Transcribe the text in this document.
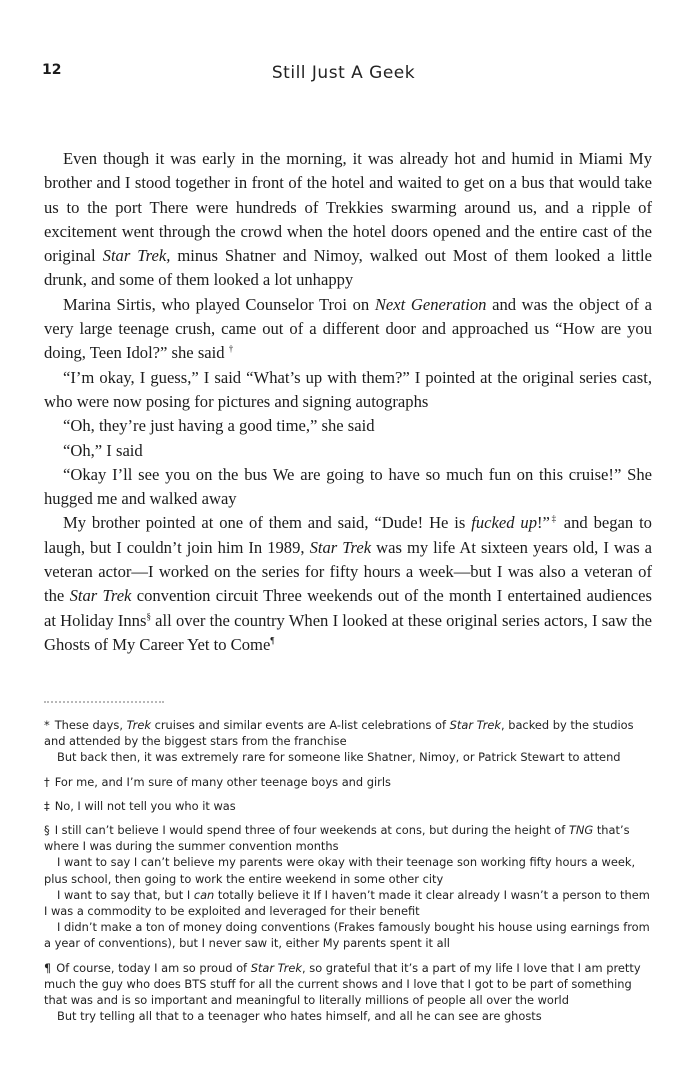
12	Still Just A Geek

Even though it was early in the morning, it was already hot and humid in Miami My brother and I stood together in front of the hotel and waited to get on a bus that would take us to the port There were hundreds of Trekkies swarming around us, and a ripple of excitement went through the crowd when the hotel doors opened and the entire cast of the original Star Trek, minus Shatner and Nimoy, walked out Most of them looked a little drunk, and some of them looked a lot unhappy

Marina Sirtis, who played Counselor Troi on Next Generation and was the object of a very large teenage crush, came out of a different door and approached us “How are you doing, Teen Idol?” she said †

“I’m okay, I guess,” I said “What’s up with them?” I pointed at the original series cast, who were now posing for pictures and signing autographs

“Oh, they’re just having a good time,” she said

“Oh,” I said

“Okay I’ll see you on the bus We are going to have so much fun on this cruise!” She hugged me and walked away

My brother pointed at one of them and said, “Dude! He is fucked up!”‡ and began to laugh, but I couldn’t join him In 1989, Star Trek was my life At sixteen years old, I was a veteran actor—I worked on the series for fifty hours a week—but I was also a veteran of the Star Trek convention circuit Three weekends out of the month I entertained audiences at Holiday Inns§ all over the country When I looked at these original series actors, I saw the Ghosts of My Career Yet to Come¶

* These days, Trek cruises and similar events are A-list celebrations of Star Trek, backed by the studios and attended by the biggest stars from the franchise

But back then, it was extremely rare for someone like Shatner, Nimoy, or Patrick Stewart to attend

† For me, and I’m sure of many other teenage boys and girls

‡ No, I will not tell you who it was

§ I still can’t believe I would spend three of four weekends at cons, but during the height of TNG that’s where I was during the summer convention months

I want to say I can’t believe my parents were okay with their teenage son working fifty hours a week, plus school, then going to work the entire weekend in some other city

I want to say that, but I can totally believe it If I haven’t made it clear already I wasn’t a person to them I was a commodity to be exploited and leveraged for their benefit

I didn’t make a ton of money doing conventions (Frakes famously bought his house using earnings from a year of conventions), but I never saw it, either My parents spent it all

¶ Of course, today I am so proud of Star Trek, so grateful that it’s a part of my life I love that I am pretty much the guy who does BTS stuff for all the current shows and I love that I got to be part of something that was and is so important and meaningful to literally millions of people all over the world

But try telling all that to a teenager who hates himself, and all he can see are ghosts
